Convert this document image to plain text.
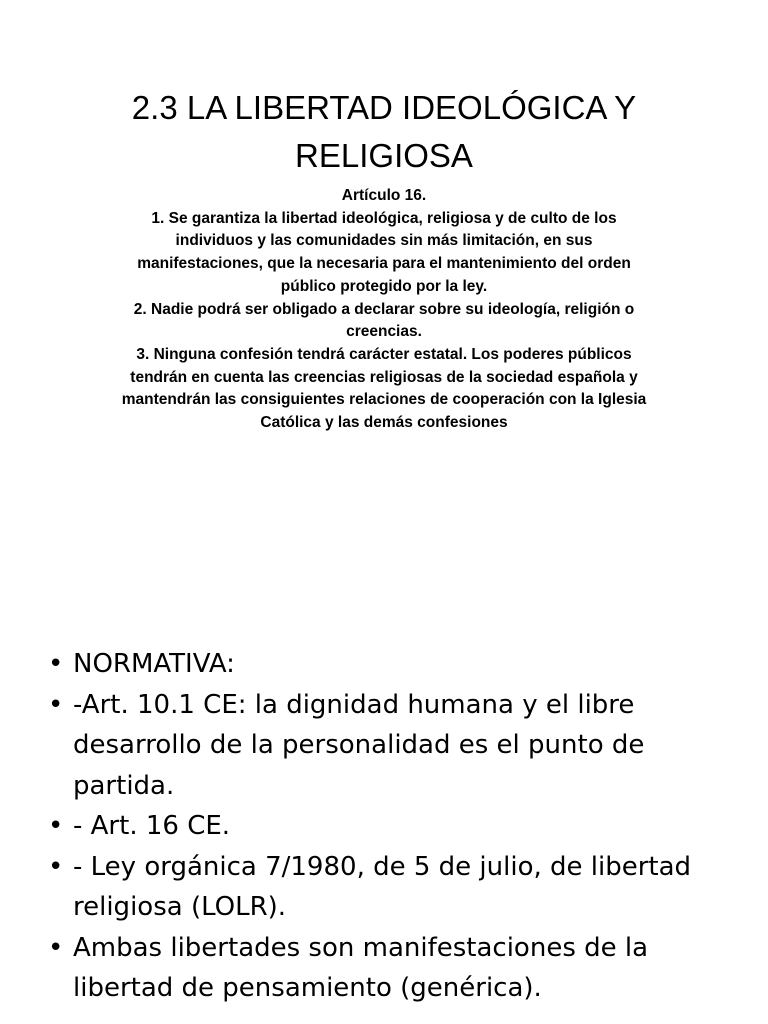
2.3 LA LIBERTAD IDEOLÓGICA Y
RELIGIOSA

Artículo 16.

1. Se garantiza la libertad ideológica, religiosa y de culto de los individuos y las comunidades sin más limitación, en sus manifestaciones, que la necesaria para el mantenimiento del orden público protegido por la ley.

2. Nadie podrá ser obligado a declarar sobre su ideología, religión o creencias.

3. Ninguna confesión tendrá carácter estatal. Los poderes públicos tendrán en cuenta las creencias religiosas de la sociedad española y mantendrán las consiguientes relaciones de cooperación con la Iglesia Católica y las demás confesiones

• NORMATIVA:
• -Art. 10.1 CE: la dignidad humana y el libre desarrollo de la personalidad es el punto de partida.
• - Art. 16 CE.
• - Ley orgánica 7/1980, de 5 de julio, de libertad religiosa (LOLR).
• Ambas libertades son manifestaciones de la libertad de pensamiento (genérica).
